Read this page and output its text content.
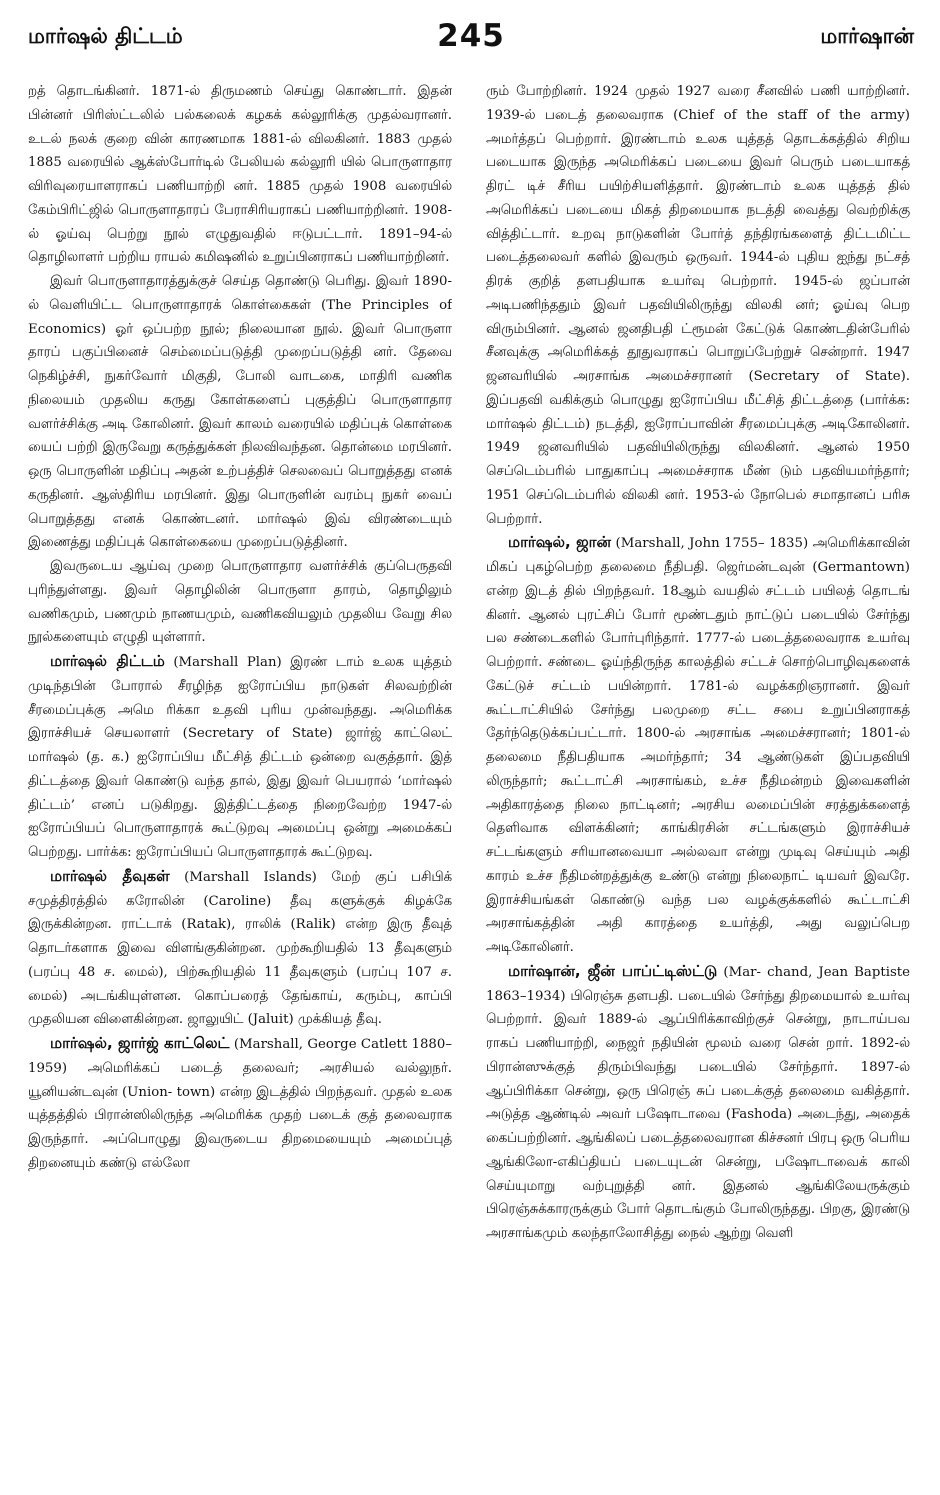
மார்ஷல் திட்டம்	245	மார்ஷான்

றத் தொடங்கினர். 1871-ல் திருமணம் செய்து கொண்டார். இதன் பின்னர் பிரிஸ்ட்டலில் பல்கலைக் கழகக் கல்லூரிக்கு முதல்வரானர். உடல் நலக் குறை வின் காரணமாக 1881-ல் விலகினர். 1883 முதல் 1885 வரையில் ஆக்ஸ்போர்டில் பேலியல் கல்லூரி யில் பொருளாதார விரிவுரையாளராகப் பணியாற்றி னர். 1885 முதல் 1908 வரையில் கேம்பிரிட்ஜில் பொருளாதாரப் பேராசிரியராகப் பணியாற்றினர். 1908-ல் ஓய்வு பெற்று நூல் எழுதுவதில் ஈடுபட்டார். 1891–94-ல் தொழிலாளர் பற்றிய ராயல் கமிஷனில் உறுப்பினராகப் பணியாற்றினர்.

இவர் பொருளாதாரத்துக்குச் செய்த தொண்டு பெரிது. இவர் 1890-ல் வெளியிட்ட பொருளாதாரக் கொள்கைகள் (The Principles of Economics) ஓர் ஒப்பற்ற நூல்; நிலையான நூல். இவர் பொருளா தாரப் பகுப்பினைச் செம்மைப்படுத்தி முறைப்படுத்தி னர். தேவை நெகிழ்ச்சி, நுகர்வோர் மிகுதி, போலி வாடகை, மாதிரி வணிக நிலையம் முதலிய கருது கோள்களைப் புகுத்திப் பொருளாதார வளர்ச்சிக்கு அடி கோலினர். இவர் காலம் வரையில் மதிப்புக் கொள்கை யைப் பற்றி இருவேறு கருத்துக்கள் நிலவிவந்தன. தொன்மை மரபினர். ஒரு பொருளின் மதிப்பு அதன் உற்பத்திச் செலவைப் பொறுத்தது எனக் கருதினர். ஆஸ்திரிய மரபினர். இது பொருளின் வரம்பு நுகர் வைப் பொறுத்தது எனக் கொண்டனர். மார்ஷல் இவ் விரண்டையும் இணைத்து மதிப்புக் கொள்கையை முறைப்படுத்தினர்.

இவருடைய ஆய்வு முறை பொருளாதார வளர்ச்சிக் குப்பெருதவி புரிந்துள்ளது. இவர் தொழிலின் பொருளா தாரம், தொழிலும் வணிகமும், பணமும் நாணயமும், வணிகவியலும் முதலிய வேறு சில நூல்களையும் எழுதி யுள்ளார்.

மார்ஷல் திட்டம் (Marshall Plan) இரண் டாம் உலக யுத்தம் முடிந்தபின் போரால் சீரழிந்த ஐரோப்பிய நாடுகள் சிலவற்றின் சீரமைப்புக்கு அமெ ரிக்கா உதவி புரிய முன்வந்தது. அமெரிக்க இராச்சியச் செயலாளர் (Secretary of State) ஜார்ஜ் காட்லெட் மார்ஷல் (த. க.) ஐரோப்பிய மீட்சித் திட்டம் ஒன்றை வகுத்தார். இத் திட்டத்தை இவர் கொண்டு வந்த தால், இது இவர் பெயரால் ‘மார்ஷல் திட்டம்’ எனப் படுகிறது. இத்திட்டத்தை நிறைவேற்ற 1947-ல் ஐரோப்பியப் பொருளாதாரக் கூட்டுறவு அமைப்பு ஒன்று அமைக்கப் பெற்றது. பார்க்க: ஐரோப்பியப் பொருளாதாரக் கூட்டுறவு.

மார்ஷல் தீவுகள் (Marshall Islands) மேற் குப் பசிபிக் சமுத்திரத்தில் கரோலின் (Caroline) தீவு களுக்குக் கிழக்கே இருக்கின்றன. ராட்டாக் (Ratak), ராலிக் (Ralik) என்ற இரு தீவுத் தொடர்களாக இவை விளங்குகின்றன. முற்கூறியதில் 13 தீவுகளும் (பரப்பு 48 ச. மைல்), பிற்கூறியதில் 11 தீவுகளும் (பரப்பு 107 ச. மைல்) அடங்கியுள்ளன. கொப்பரைத் தேங்காய், கரும்பு, காப்பி முதலியன விளைகின்றன. ஜாலுயிட் (Jaluit) முக்கியத் தீவு.

மார்ஷல், ஜார்ஜ் காட்லெட் (Marshall, George Catlett 1880–1959) அமெரிக்கப் படைத் தலைவர்; அரசியல் வல்லுநர். யூனியன்டவுன் (Union- town) என்ற இடத்தில் பிறந்தவர். முதல் உலக யுத்தத்தில் பிரான்ஸிலிருந்த அமெரிக்க முதற் படைக் குத் தலைவராக இருந்தார். அப்பொழுது இவருடைய திறமையையும் அமைப்புத் திறனையும் கண்டு எல்லோ

ரும் போற்றினர். 1924 முதல் 1927 வரை சீனவில் பணி யாற்றினர். 1939-ல் படைத் தலைவராக (Chief of the staff of the army) அமர்த்தப் பெற்றார். இரண்டாம் உலக யுத்தத் தொடக்கத்தில் சிறிய படையாக இருந்த அமெரிக்கப் படையை இவர் பெரும் படையாகத் திரட் டிச் சீரிய பயிற்சியளித்தார். இரண்டாம் உலக யுத்தத் தில் அமெரிக்கப் படையை மிகத் திறமையாக நடத்தி வைத்து வெற்றிக்கு வித்திட்டார். உறவு நாடுகளின் போர்த் தந்திரங்களைத் திட்டமிட்ட படைத்தலைவர் களில் இவரும் ஒருவர். 1944-ல் புதிய ஐந்து நட்சத் திரக் குறித் தளபதியாக உயர்வு பெற்றார். 1945-ல் ஜப்பான் அடிபணிந்ததும் இவர் பதவியிலிருந்து விலகி னர்; ஓய்வு பெற விரும்பினர். ஆனல் ஜனதிபதி ட்ரூமன் கேட்டுக் கொண்டதின்பேரில் சீனவுக்கு அமெரிக்கத் தூதுவராகப் பொறுப்பேற்றுச் சென்றார். 1947 ஜனவரியில் அரசாங்க அமைச்சரானர் (Secretary of State). இப்பதவி வகிக்கும் பொழுது ஐரோப்பிய மீட்சித் திட்டத்தை (பார்க்க: மார்ஷல் திட்டம்) நடத்தி, ஐரோப்பாவின் சீரமைப்புக்கு அடிகோலினர். 1949 ஜனவரியில் பதவியிலிருந்து விலகினர். ஆனல் 1950 செப்டெம்பரில் பாதுகாப்பு அமைச்சராக மீண் டும் பதவியமர்ந்தார்; 1951 செப்டெம்பரில் விலகி னர். 1953-ல் நோபெல் சமாதானப் பரிசு பெற்றார்.

மார்ஷல், ஜான் (Marshall, John 1755– 1835) அமெரிக்காவின் மிகப் புகழ்பெற்ற தலைமை நீதிபதி. ஜெர்மன்டவுன் (Germantown) என்ற இடத் தில் பிறந்தவர். 18ஆம் வயதில் சட்டம் பயிலத் தொடங் கினர். ஆனல் புரட்சிப் போர் மூண்டதும் நாட்டுப் படையில் சேர்ந்து பல சண்டைகளில் போர்புரிந்தார். 1777-ல் படைத்தலைவராக உயர்வு பெற்றார். சண்டை ஓய்ந்திருந்த காலத்தில் சட்டச் சொற்பொழிவுகளைக் கேட்டுச் சட்டம் பயின்றார். 1781-ல் வழக்கறிஞரானர். இவர் கூட்டாட்சியில் சேர்ந்து பலமுறை சட்ட சபை உறுப்பினராகத் தேர்ந்தெடுக்கப்பட்டார். 1800-ல் அரசாங்க அமைச்சரானர்; 1801-ல் தலைமை நீதிபதியாக அமர்ந்தார்; 34 ஆண்டுகள் இப்பதவியி லிருந்தார்; கூட்டாட்சி அரசாங்கம், உச்ச நீதிமன்றம் இவைகளின் அதிகாரத்தை நிலை நாட்டினர்; அரசிய லமைப்பின் சரத்துக்களைத் தெளிவாக விளக்கினர்; காங்கிரசின் சட்டங்களும் இராச்சியச் சட்டங்களும் சரியானவையா அல்லவா என்று முடிவு செய்யும் அதி காரம் உச்ச நீதிமன்றத்துக்கு உண்டு என்று நிலைநாட் டியவர் இவரே. இராச்சியங்கள் கொண்டு வந்த பல வழக்குக்களில் கூட்டாட்சி அரசாங்கத்தின் அதி காரத்தை உயர்த்தி, அது வலுப்பெற அடிகோலினர்.

மார்ஷான், ஜீன் பாப்ட்டிஸ்ட்டு (Mar- chand, Jean Baptiste 1863–1934) பிரெஞ்சு தளபதி. படையில் சேர்ந்து திறமையால் உயர்வு பெற்றார். இவர் 1889-ல் ஆப்பிரிக்காவிற்குச் சென்று, நாடாய்பவ ராகப் பணியாற்றி, நைஜர் நதியின் மூலம் வரை சென் றார். 1892-ல் பிரான்ஸுக்குத் திரும்பிவந்து படையில் சேர்ந்தார். 1897-ல் ஆப்பிரிக்கா சென்று, ஒரு பிரெஞ் சுப் படைக்குத் தலைமை வகித்தார். அடுத்த ஆண்டில் அவர் பஷோடாவை (Fashoda) அடைந்து, அதைக் கைப்பற்றினர். ஆங்கிலப் படைத்தலைவரான கிச்சனர் பிரபு ஒரு பெரிய ஆங்கிலோ-எகிப்தியப் படையுடன் சென்று, பஷோடாவைக் காலி செய்யுமாறு வற்புறுத்தி னர். இதனல் ஆங்கிலேயருக்கும் பிரெஞ்சுக்காரருக்கும் போர் தொடங்கும் போலிருந்தது. பிறகு, இரண்டு அரசாங்கமும் கலந்தாலோசித்து நைல் ஆற்று வெளி
